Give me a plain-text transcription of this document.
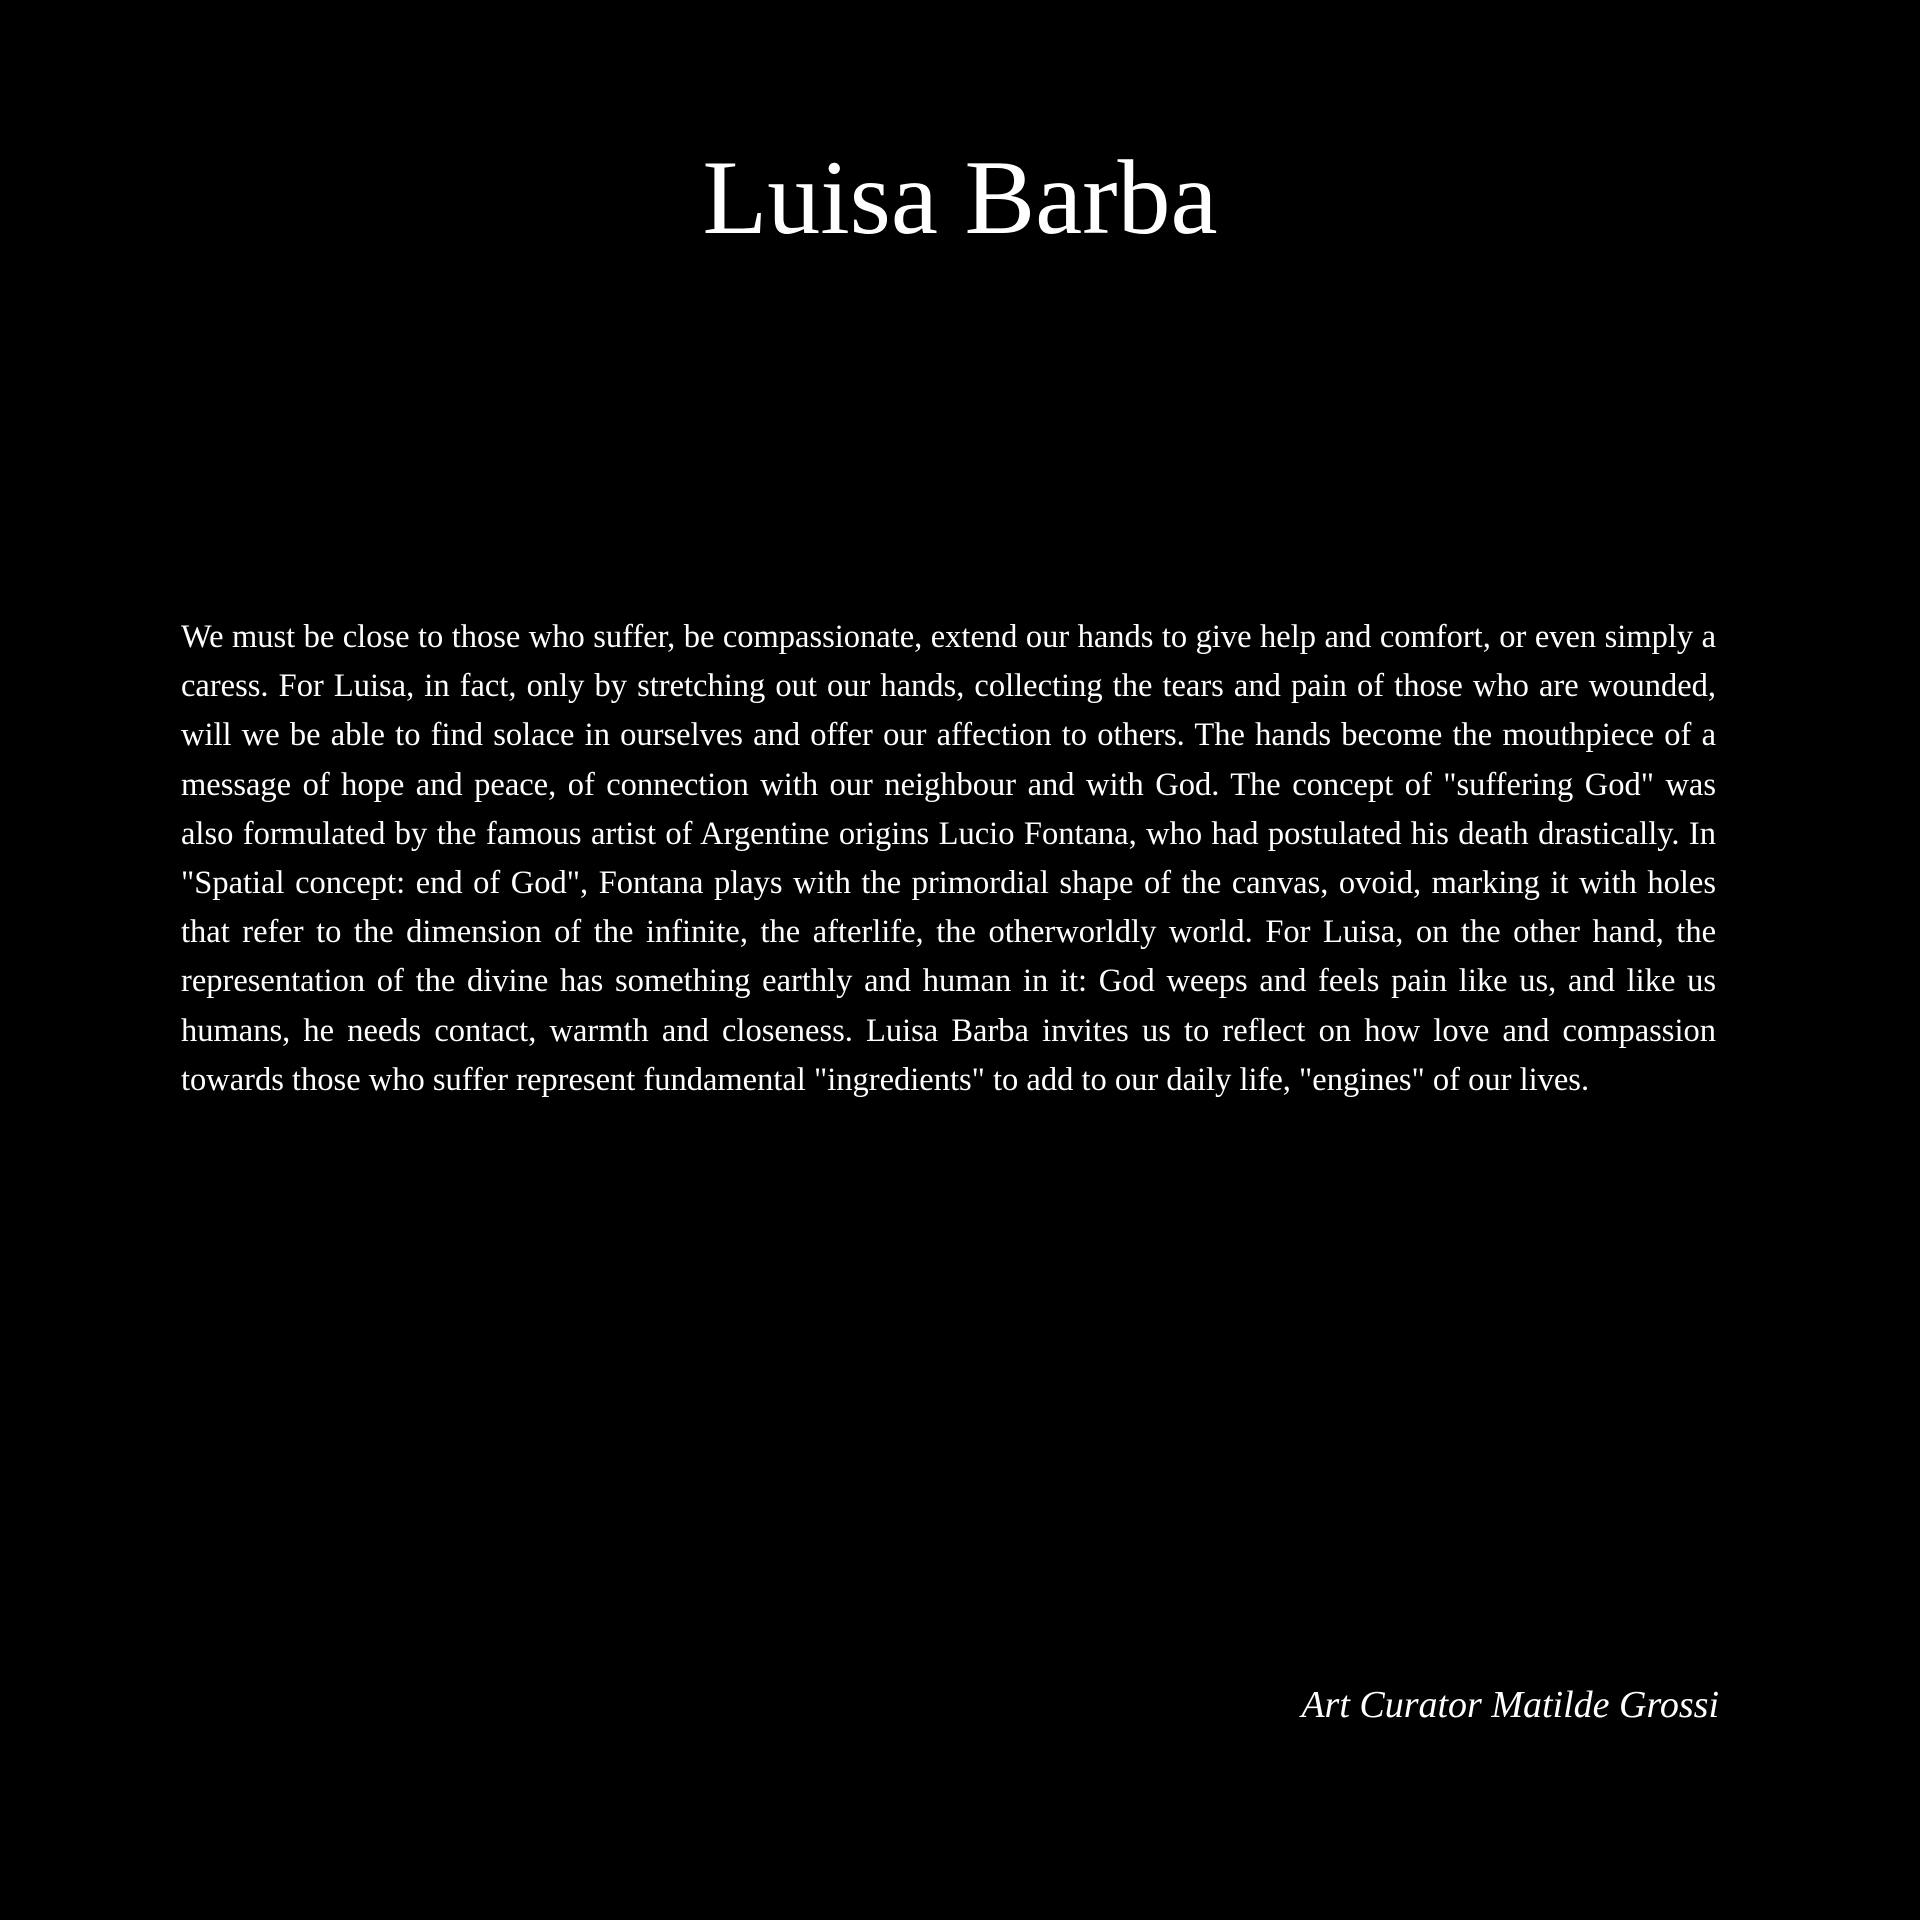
Luisa Barba

We must be close to those who suffer, be compassionate, extend our hands to give help and comfort, or even simply a caress. For Luisa, in fact, only by stretching out our hands, collecting the tears and pain of those who are wounded, will we be able to find solace in ourselves and offer our affection to others. The hands become the mouthpiece of a message of hope and peace, of connection with our neighbour and with God. The concept of "suffering God" was also formulated by the famous artist of Argentine origins Lucio Fontana, who had postulated his death drastically. In "Spatial concept: end of God", Fontana plays with the primordial shape of the canvas, ovoid, marking it with holes that refer to the dimension of the infinite, the afterlife, the otherworldly world. For Luisa, on the other hand, the representation of the divine has something earthly and human in it: God weeps and feels pain like us, and like us humans, he needs contact, warmth and closeness. Luisa Barba invites us to reflect on how love and compassion towards those who suffer represent fundamental "ingredients" to add to our daily life, "engines" of our lives.

Art Curator Matilde Grossi
